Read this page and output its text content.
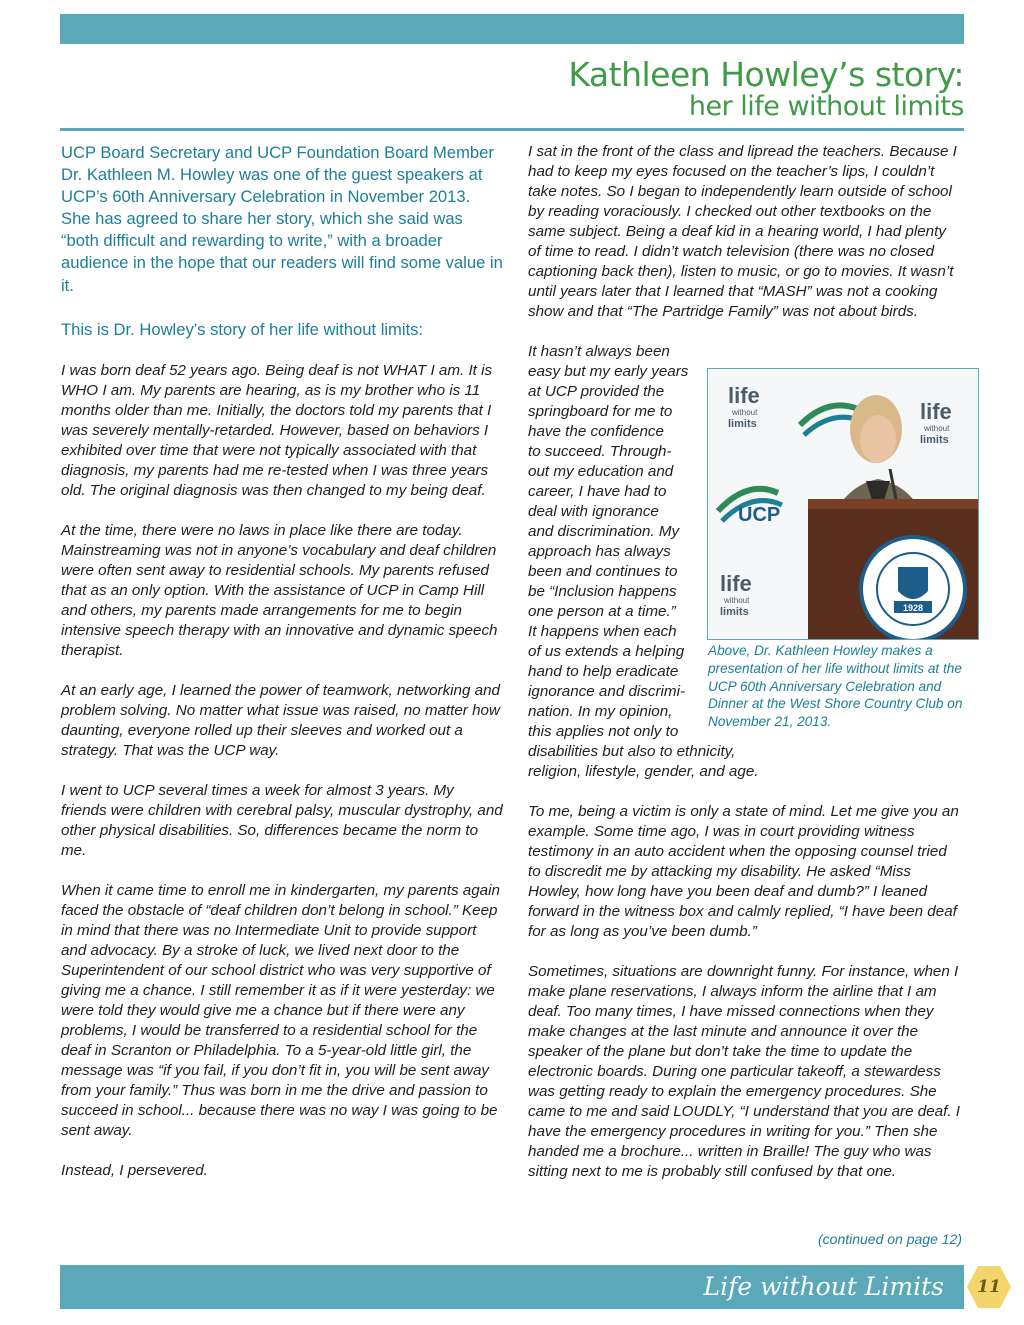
Kathleen Howley’s story:
her life without limits

UCP Board Secretary and UCP Foundation Board Member Dr. Kathleen M. Howley was one of the guest speakers at UCP’s 60th Anniversary Celebration in November 2013. She has agreed to share her story, which she said was “both difficult and rewarding to write,” with a broader audience in the hope that our readers will find some value in it.

This is Dr. Howley’s story of her life without limits:

I was born deaf 52 years ago. Being deaf is not WHAT I am. It is WHO I am. My parents are hearing, as is my brother who is 11 months older than me. Initially, the doctors told my parents that I was severely mentally-retarded. However, based on behaviors I exhibited over time that were not typically associated with that diagnosis, my parents had me re-tested when I was three years old. The original diagnosis was then changed to my being deaf.

At the time, there were no laws in place like there are today. Mainstreaming was not in anyone’s vocabulary and deaf children were often sent away to residential schools. My parents refused that as an only option. With the assistance of UCP in Camp Hill and others, my parents made arrangements for me to begin intensive speech therapy with an innovative and dynamic speech therapist.

At an early age, I learned the power of teamwork, networking and problem solving. No matter what issue was raised, no matter how daunting, everyone rolled up their sleeves and worked out a strategy. That was the UCP way.

I went to UCP several times a week for almost 3 years. My friends were children with cerebral palsy, muscular dystrophy, and other physical disabilities. So, differences became the norm to me.

When it came time to enroll me in kindergarten, my parents again faced the obstacle of “deaf children don’t belong in school.” Keep in mind that there was no Intermediate Unit to provide support and advocacy. By a stroke of luck, we lived next door to the Superintendent of our school district who was very supportive of giving me a chance. I still remember it as if it were yesterday: we were told they would give me a chance but if there were any problems, I would be transferred to a residential school for the deaf in Scranton or Philadelphia. To a 5-year-old little girl, the message was “if you fail, if you don’t fit in, you will be sent away from your family.” Thus was born in me the drive and passion to succeed in school... because there was no way I was going to be sent away.

Instead, I persevered.

I sat in the front of the class and lipread the teachers. Because I had to keep my eyes focused on the teacher’s lips, I couldn’t take notes. So I began to independently learn outside of school by reading voraciously. I checked out other textbooks on the same subject. Being a deaf kid in a hearing world, I had plenty of time to read. I didn’t watch television (there was no closed captioning back then), listen to music, or go to movies. It wasn’t until years later that I learned that “MASH” was not a cooking show and that “The Partridge Family” was not about birds.

It hasn’t always been
easy but my early years
at UCP provided the
springboard for me to
have the confidence
to succeed. Through-
out my education and
career, I have had to
deal with ignorance
and discrimination. My
approach has always
been and continues to
be “Inclusion happens
one person at a time.”
It happens when each
of us extends a helping
hand to help eradicate
ignorance and discrimi-
nation. In my opinion,
this applies not only to
disabilities but also to ethnicity,
religion, lifestyle, gender, and age.

To me, being a victim is only a state of mind. Let me give you an example. Some time ago, I was in court providing witness testimony in an auto accident when the opposing counsel tried to discredit me by attacking my disability. He asked “Miss Howley, how long have you been deaf and dumb?” I leaned forward in the witness box and calmly replied, “I have been deaf for as long as you’ve been dumb.”

Sometimes, situations are downright funny. For instance, when I make plane reservations, I always inform the airline that I am deaf. Too many times, I have missed connections when they make changes at the last minute and announce it over the speaker of the plane but don’t take the time to update the electronic boards. During one particular takeoff, a stewardess was getting ready to explain the emergency procedures. She came to me and said LOUDLY, “I understand that you are deaf. I have the emergency procedures in writing for you.” Then she handed me a brochure... written in Braille! The guy who was sitting next to me is probably still confused by that one.

life
without
limits	life
without
limits
life
without
limits
UCP
1928
Above, Dr. Kathleen Howley makes a presentation of her life without limits at the UCP 60th Anniversary Celebration and Dinner at the West Shore Country Club on November 21, 2013.
(continued on page 12)
Life without Limits	11
